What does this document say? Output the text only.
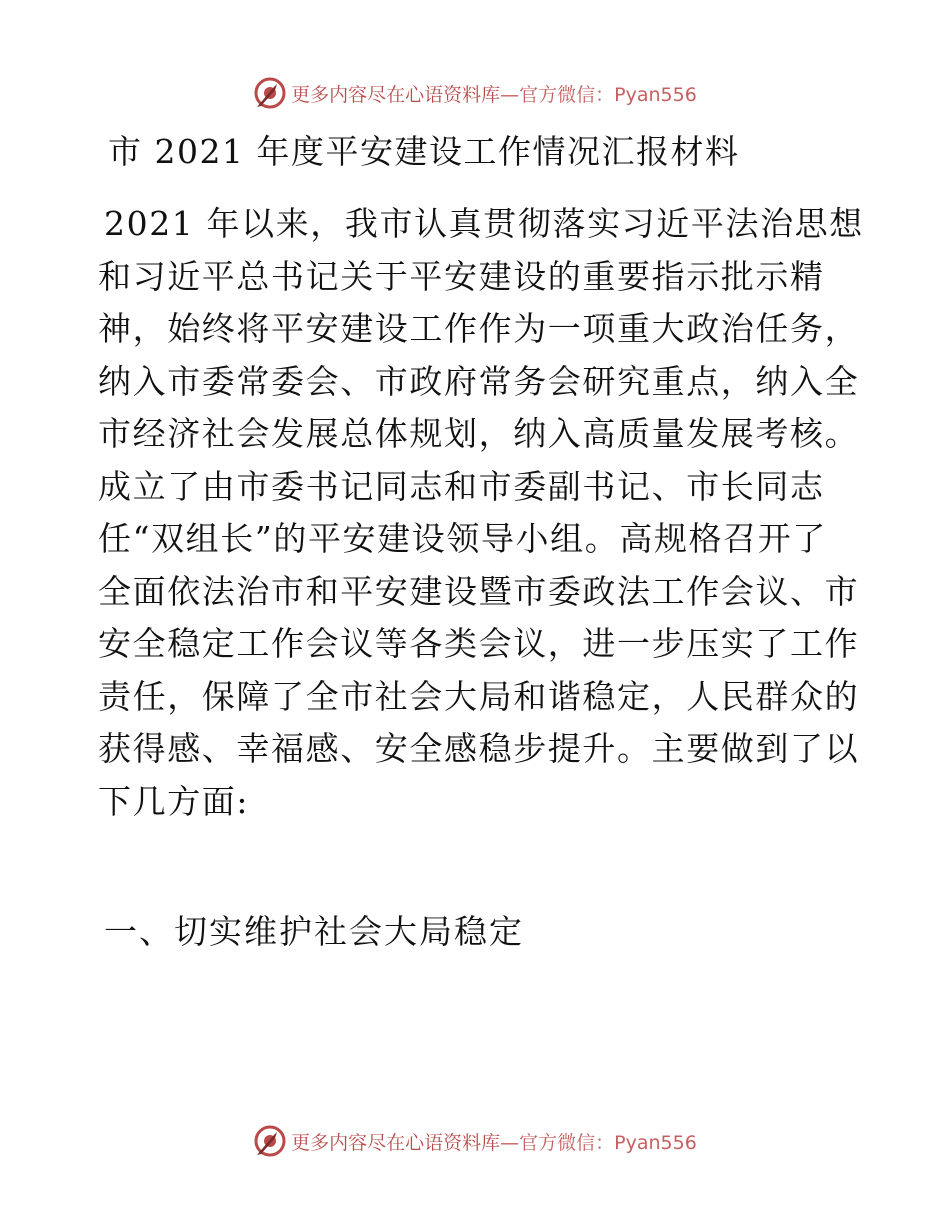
更多内容尽在心语资料库 —官方微信：Pyan556
市 2021 年度平安建设工作情况汇报材料
2021 年以来，我市认真贯彻落实习近平法治思想
和习近平总书记关于平安建设的重要指示批示精
神，始终将平安建设工作作为一项重大政治任务，
纳入市委常委会、市政府常务会研究重点，纳入全
市经济社会发展总体规划，纳入高质量发展考核。
成立了由市委书记同志和市委副书记、市长同志
任“双组长”的平安建设领导小组。高规格召开了
全面依法治市和平安建设暨市委政法工作会议、市
安全稳定工作会议等各类会议，进一步压实了工作
责任，保障了全市社会大局和谐稳定，人民群众的
获得感、幸福感、安全感稳步提升。主要做到了以
下几方面:
一、切实维护社会大局稳定
更多内容尽在心语资料库 —官方微信：Pyan556
